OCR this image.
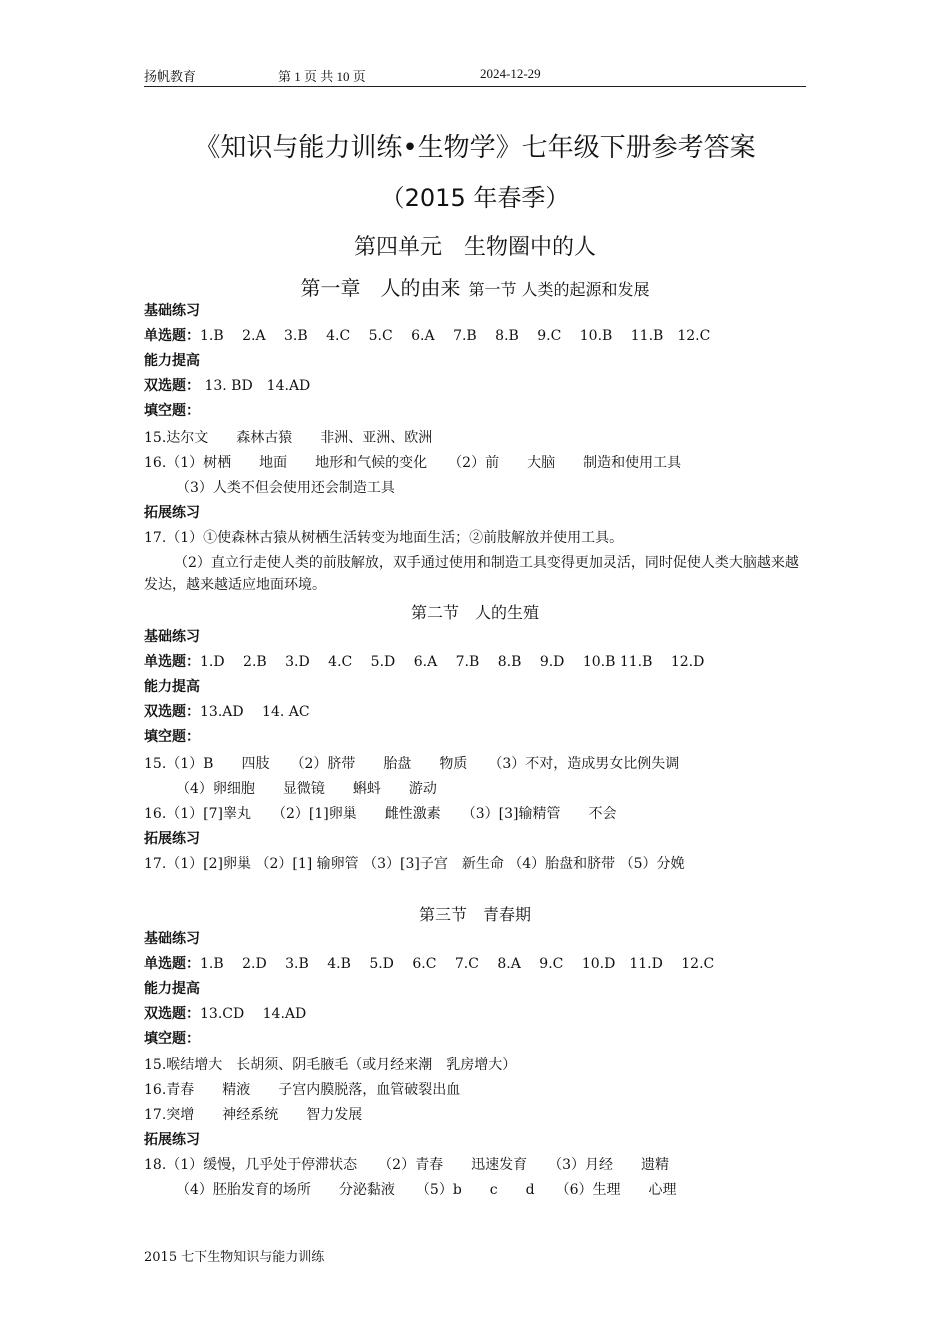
扬帆教育	第 1 页 共 10 页	2024-12-29
《知识与能力训练•生物学》七年级下册参考答案
（2015 年春季）
第四单元　生物圈中的人
第一章　人的由来 第一节 人类的起源和发展
基础练习
单选题：1.B　 2.A　 3.B　 4.C　 5.C　 6.A　 7.B　 8.B　 9.C　 10.B　 11.B　12.C
能力提高
双选题： 13. BD　14.AD
填空题：
15.达尔文　　森林古猿　　非洲、亚洲、欧洲
16.（1）树栖　　地面　　地形和气候的变化　　（2）前　　大脑　　制造和使用工具
（3）人类不但会使用还会制造工具
拓展练习
17.（1）①使森林古猿从树栖生活转变为地面生活；②前肢解放并使用工具。
（2）直立行走使人类的前肢解放，双手通过使用和制造工具变得更加灵活，同时促使人类大脑越来越发达，越来越适应地面环境。
第二节　人的生殖
基础练习
单选题：1.D　 2.B　 3.D　 4.C　 5.D　 6.A　 7.B　 8.B　 9.D　 10.B 11.B　 12.D
能力提高
双选题：13.AD　 14. AC
填空题：
15.（1）B　　四肢　　（2）脐带　　胎盘　　物质　　（3）不对，造成男女比例失调
（4）卵细胞　　显微镜　　蝌蚪　　游动
16.（1）[7]睾丸　　（2）[1]卵巢　　雌性激素　　（3）[3]输精管　　不会
拓展练习
17.（1）[2]卵巢 （2）[1] 输卵管 （3）[3]子宫　新生命 （4）胎盘和脐带 （5）分娩
第三节　青春期
基础练习
单选题：1.B　 2.D　 3.B　 4.B　 5.D　 6.C　 7.C　 8.A　 9.C　 10.D　11.D　 12.C
能力提高
双选题：13.CD　 14.AD
填空题：
15.喉结增大　长胡须、阴毛腋毛（或月经来潮　乳房增大）
16.青春　　精液　　子宫内膜脱落，血管破裂出血
17.突增　　神经系统　　智力发展
拓展练习
18.（1）缓慢，几乎处于停滞状态　　（2）青春　　迅速发育　　（3）月经　　遗精
（4）胚胎发育的场所　　分泌黏液　　（5）b　　c　　d　　（6）生理　　心理
2015 七下生物知识与能力训练
